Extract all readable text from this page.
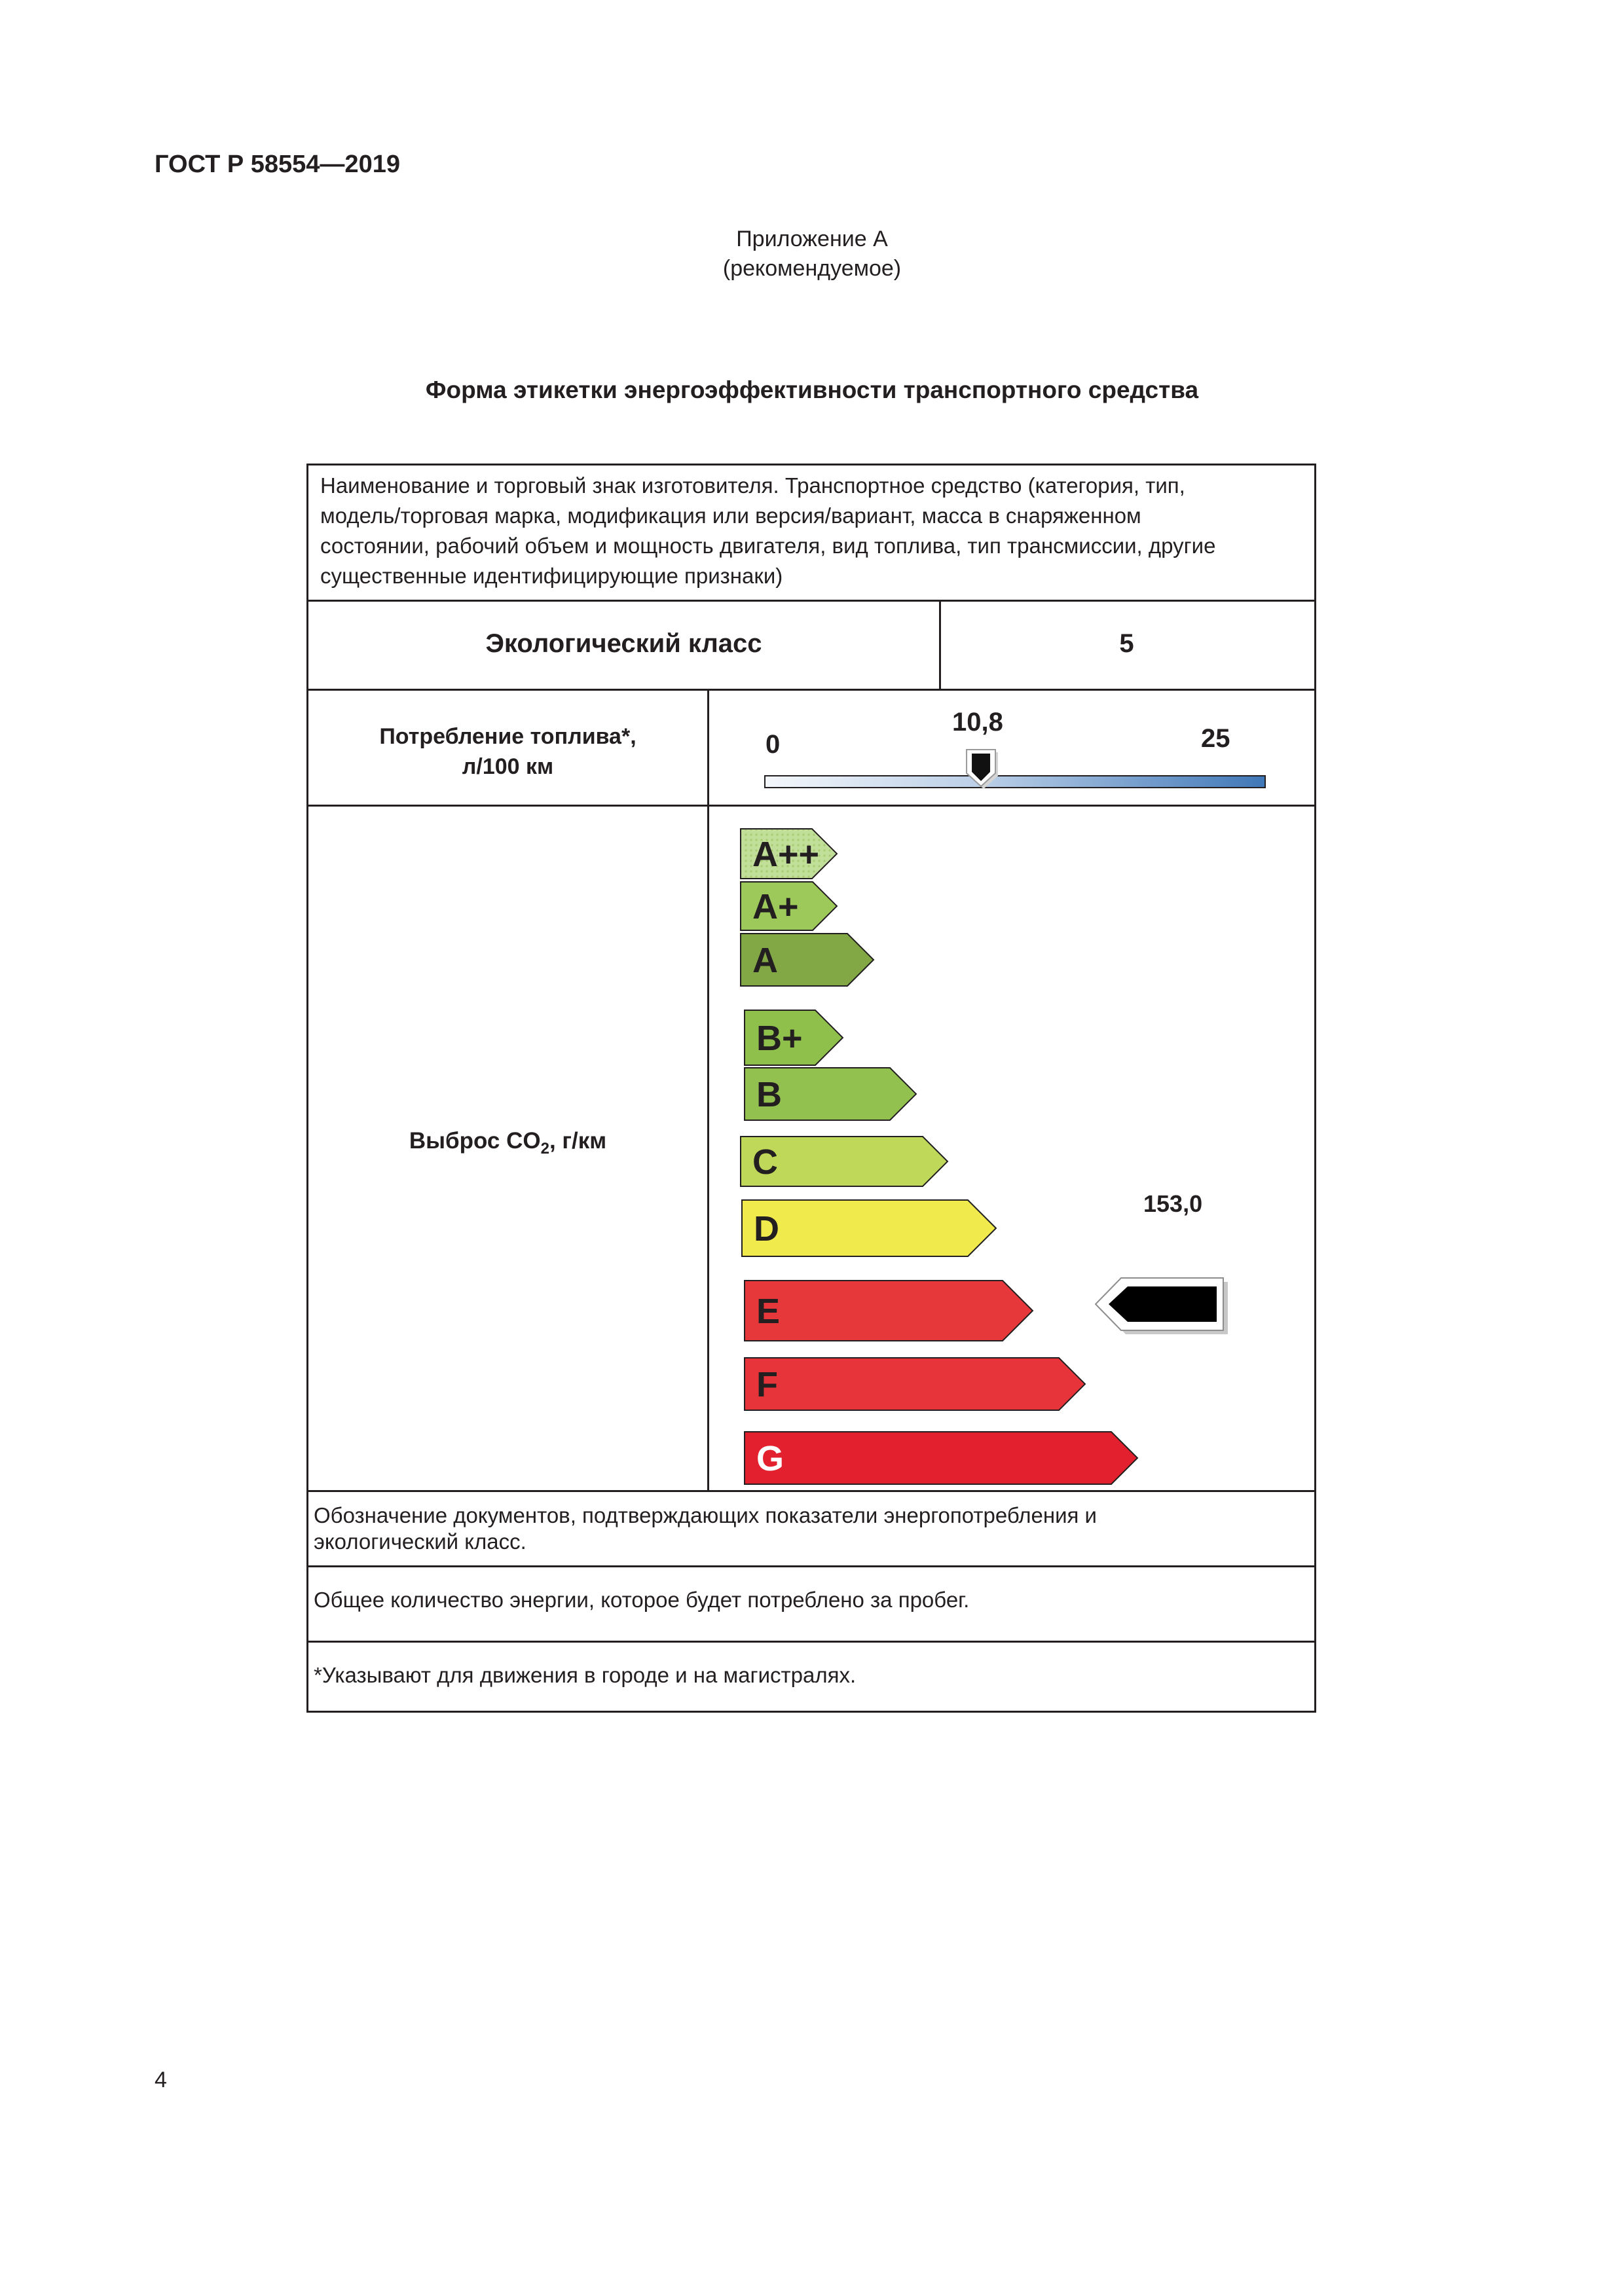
ГОСТ Р 58554—2019
Приложение А
(рекомендуемое)
Форма этикетки энергоэффективности транспортного средства
Наименование и торговый знак изготовителя. Транспортное средство (категория, тип,
модель/торговая марка, модификация или версия/вариант, масса в снаряженном
состоянии, рабочий объем и мощность двигателя, вид топлива, тип трансмиссии, другие
существенные идентифицирующие признаки)
Экологический класс	5
Потребление топлива*,
л/100 км
Выброс $CO_2$, г/км
Обозначение документов, подтверждающих показатели энергопотребления и
экологический класс.
Общее количество энергии, которое будет потреблено за пробег.
*Указывают для движения в городе и на магистралях.
0	25
10,8
A++
A+
A
B+
B
C
D
E
F
G
153,0
4
